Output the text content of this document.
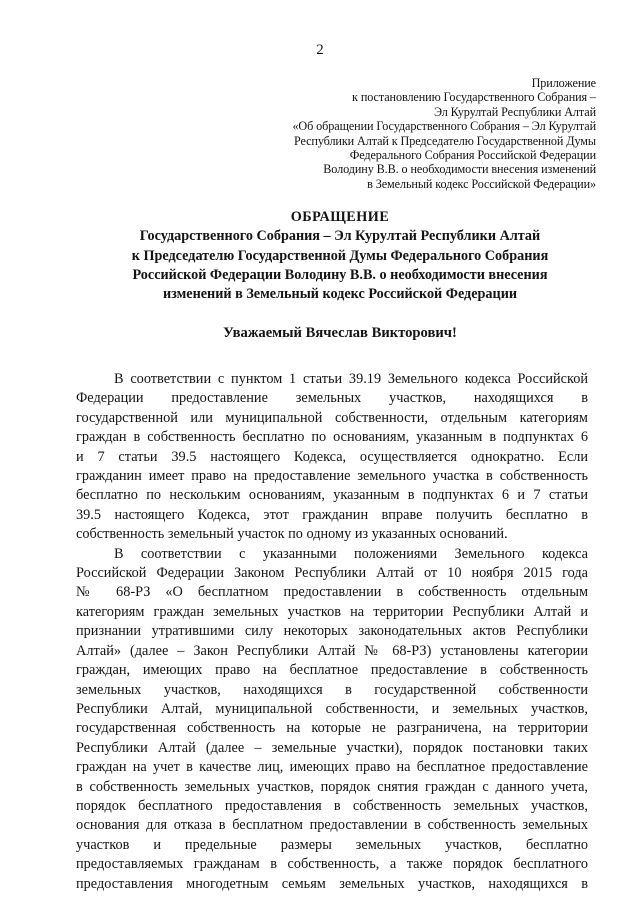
2
Приложение
к постановлению Государственного Собрания –
Эл Курултай Республики Алтай
«Об обращении Государственного Собрания – Эл Курултай
Республики Алтай к Председателю Государственной Думы
Федерального Собрания Российской Федерации
Володину В.В. о необходимости внесения изменений
в Земельный кодекс Российской Федерации»
ОБРАЩЕНИЕ
Государственного Собрания – Эл Курултай Республики Алтай
к Председателю Государственной Думы Федерального Собрания
Российской Федерации Володину В.В. о необходимости внесения
изменений в Земельный кодекс Российской Федерации
Уважаемый Вячеслав Викторович!

В соответствии с пунктом 1 статьи 39.19 Земельного кодекса Российской
Федерации предоставление земельных участков, находящихся в
государственной или муниципальной собственности, отдельным категориям
граждан в собственность бесплатно по основаниям, указанным в подпунктах 6
и 7 статьи 39.5 настоящего Кодекса, осуществляется однократно. Если
гражданин имеет право на предоставление земельного участка в собственность
бесплатно по нескольким основаниям, указанным в подпунктах 6 и 7 статьи
39.5 настоящего Кодекса, этот гражданин вправе получить бесплатно в
собственность земельный участок по одному из указанных оснований.

В соответствии с указанными положениями Земельного кодекса
Российской Федерации Законом Республики Алтай от 10 ноября 2015 года
№ 68-РЗ «О бесплатном предоставлении в собственность отдельным
категориям граждан земельных участков на территории Республики Алтай и
признании утратившими силу некоторых законодательных актов Республики
Алтай» (далее – Закон Республики Алтай № 68-РЗ) установлены категории
граждан, имеющих право на бесплатное предоставление в собственность
земельных участков, находящихся в государственной собственности
Республики Алтай, муниципальной собственности, и земельных участков,
государственная собственность на которые не разграничена, на территории
Республики Алтай (далее – земельные участки), порядок постановки таких
граждан на учет в качестве лиц, имеющих право на бесплатное предоставление
в собственность земельных участков, порядок снятия граждан с данного учета,
порядок бесплатного предоставления в собственность земельных участков,
основания для отказа в бесплатном предоставлении в собственность земельных
участков и предельные размеры земельных участков, бесплатно
предоставляемых гражданам в собственность, а также порядок бесплатного
предоставления многодетным семьям земельных участков, находящихся в
